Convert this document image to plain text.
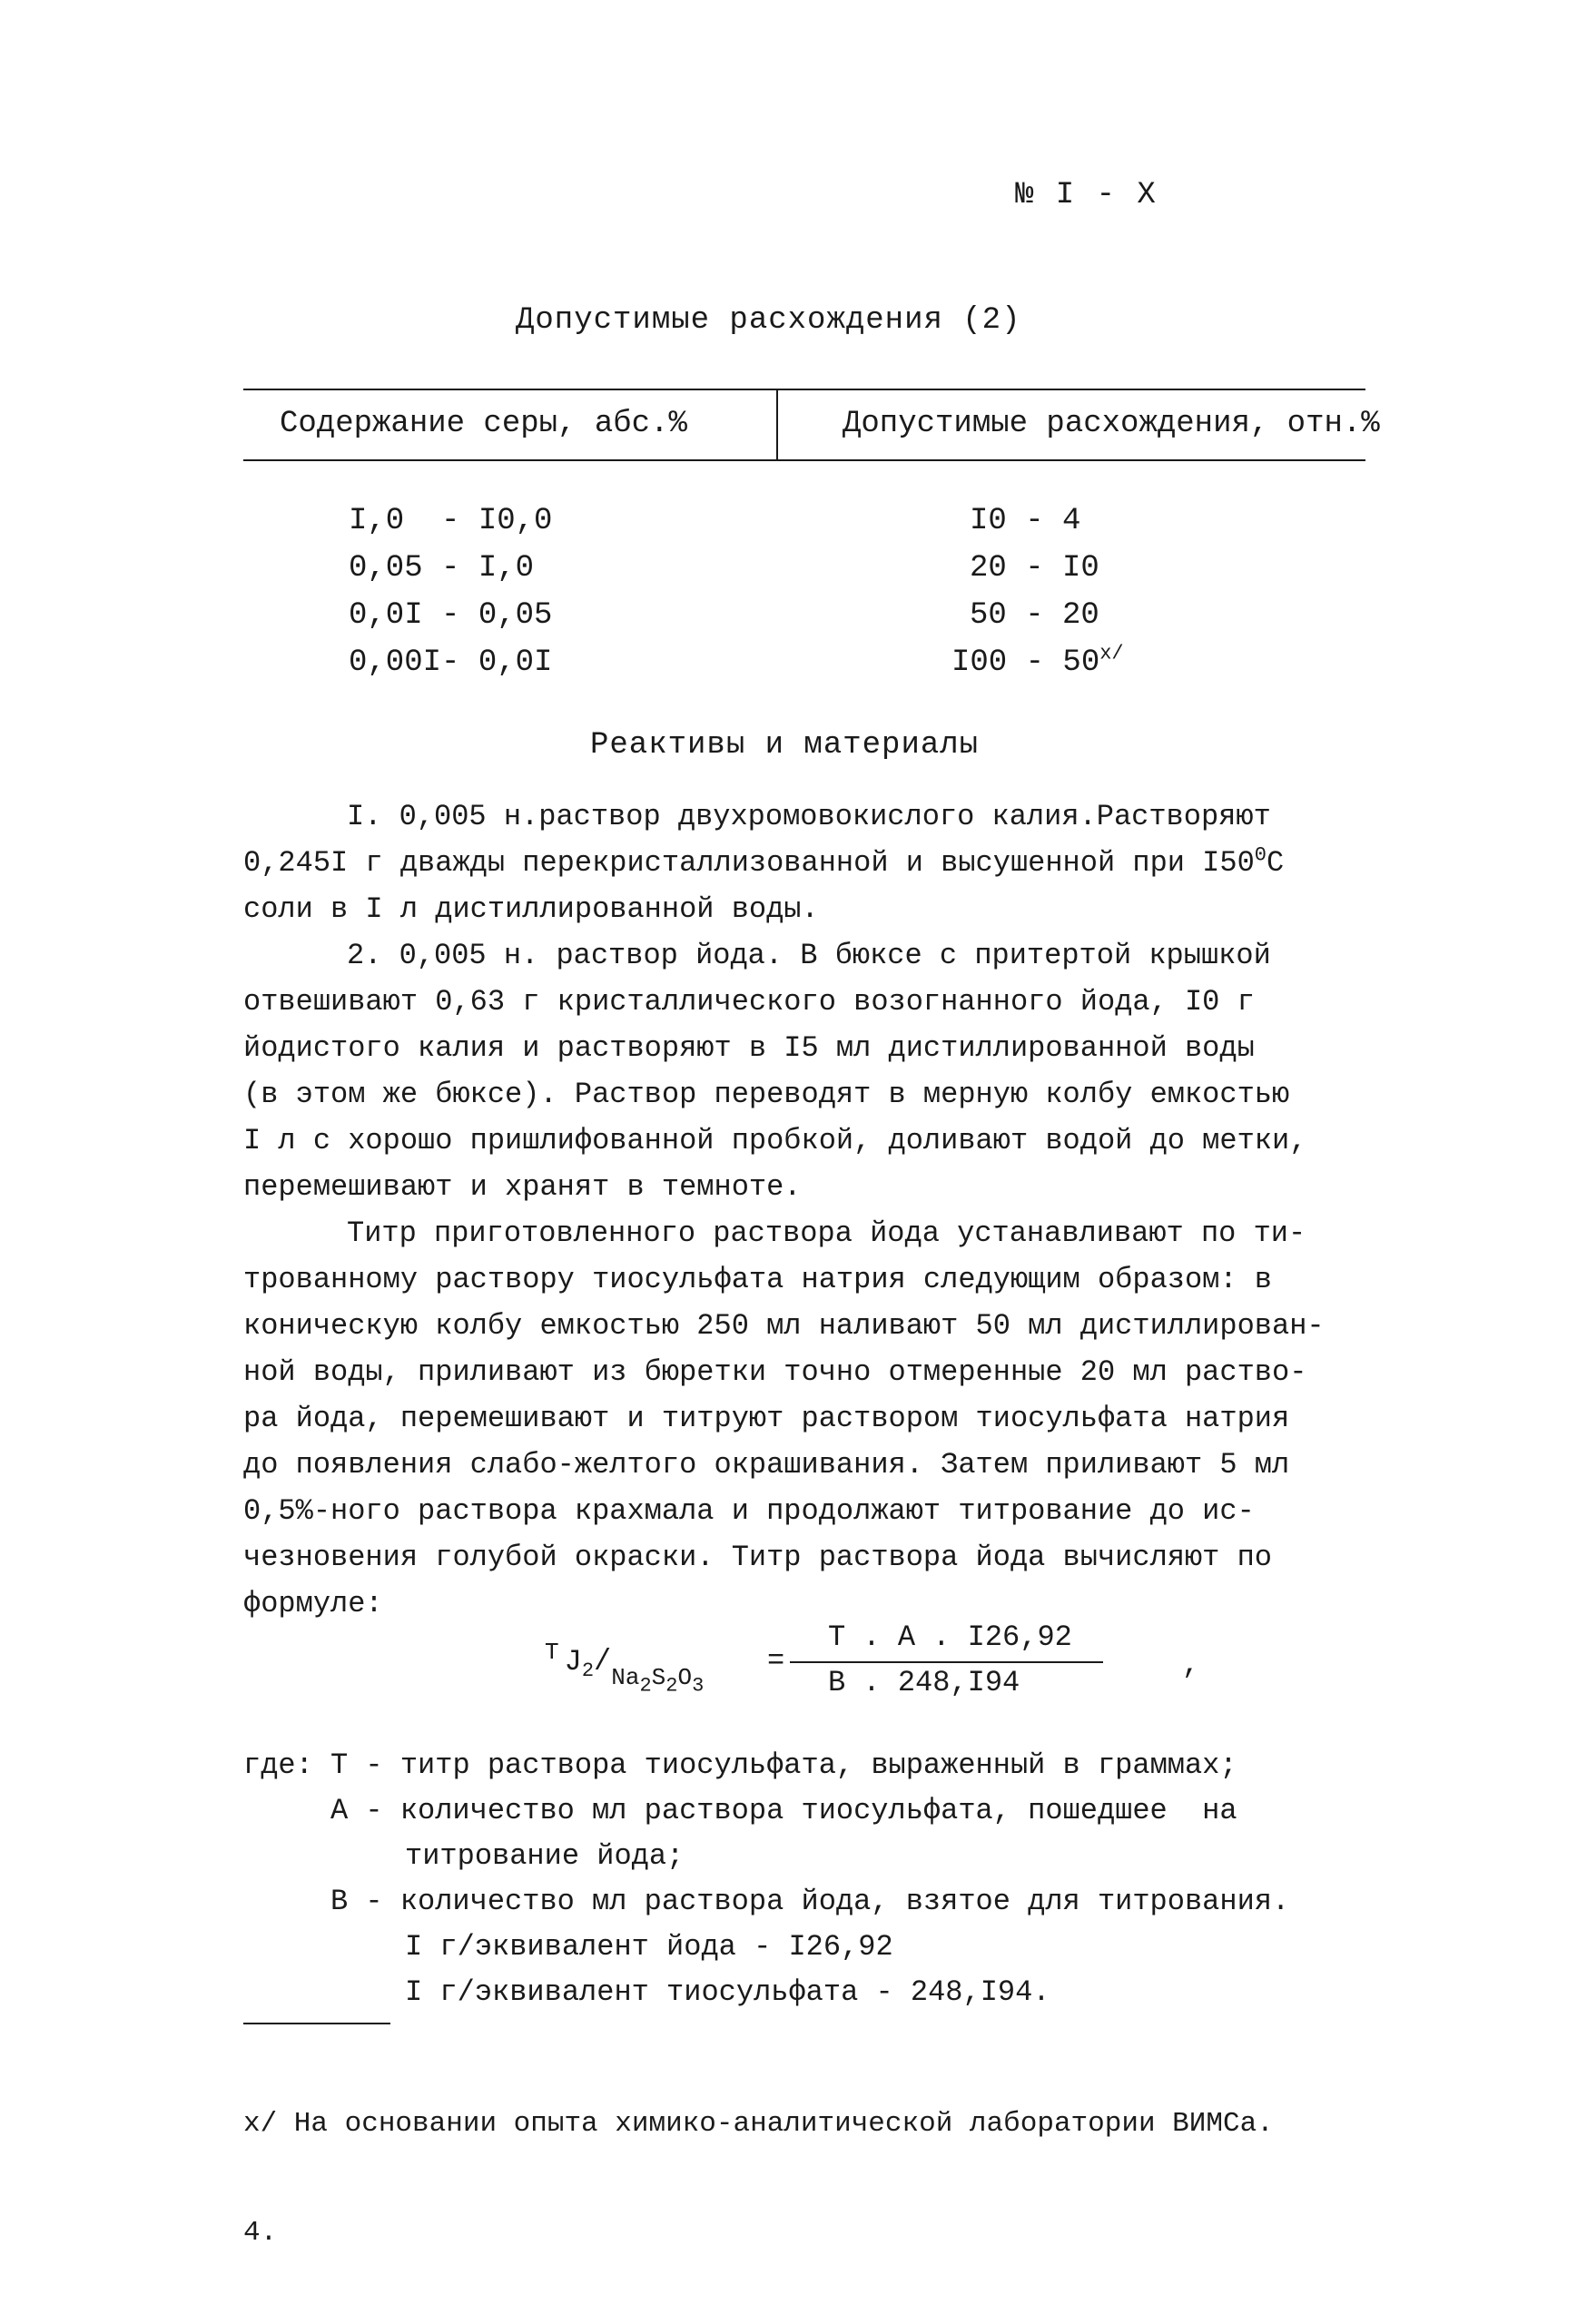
№ I - X
Допустимые расхождения (2)
Содержание серы, абс.%	Допустимые расхождения, отн.%
I,0  - I0,0
0,05 - I,0
0,0I - 0,05
0,00I- 0,0I
I0 - 4
20 - I0
50 - 20
$I00 - 50^{х/}$
Реактивы и материалы
I. 0,005 н.раствор двухромовокислого калия.Растворяют
0,245I г дважды перекристаллизованной и высушенной при $I50^0С$
соли в I л дистиллированной воды.
2. 0,005 н. раствор йода. В бюксе с притертой крышкой
отвешивают 0,63 г кристаллического возогнанного йода, I0 г
йодистого калия и растворяют в I5 мл дистиллированной воды
(в этом же бюксе). Раствор переводят в мерную колбу емкостью
I л с хорошо пришлифованной пробкой, доливают водой до метки,
перемешивают и хранят в темноте.
Титр приготовленного раствора йода устанавливают по ти-
трованному раствору тиосульфата натрия следующим образом: в
коническую колбу емкостью 250 мл наливают 50 мл дистиллирован-
ной воды, приливают из бюретки точно отмеренные 20 мл раство-
ра йода, перемешивают и титруют раствором тиосульфата натрия
до появления слабо-желтого окрашивания. Затем приливают 5 мл
0,5%-ного раствора крахмала и продолжают титрование до ис-
чезновения голубой окраски. Титр раствора йода вычисляют по
формуле:
$^T$ $J_2/Na_2S_2O_3$
=
T . A . I26,92
B . 248,I94
,
где: T - титр раствора тиосульфата, выраженный в граммах;
A - количество мл раствора тиосульфата, пошедшее  на
титрование йода;
B - количество мл раствора йода, взятое для титрования.
I г/эквивалент йода - I26,92
I г/эквивалент тиосульфата - 248,I94.

х/ На основании опыта химико-аналитической лаборатории ВИМСа.

4.
